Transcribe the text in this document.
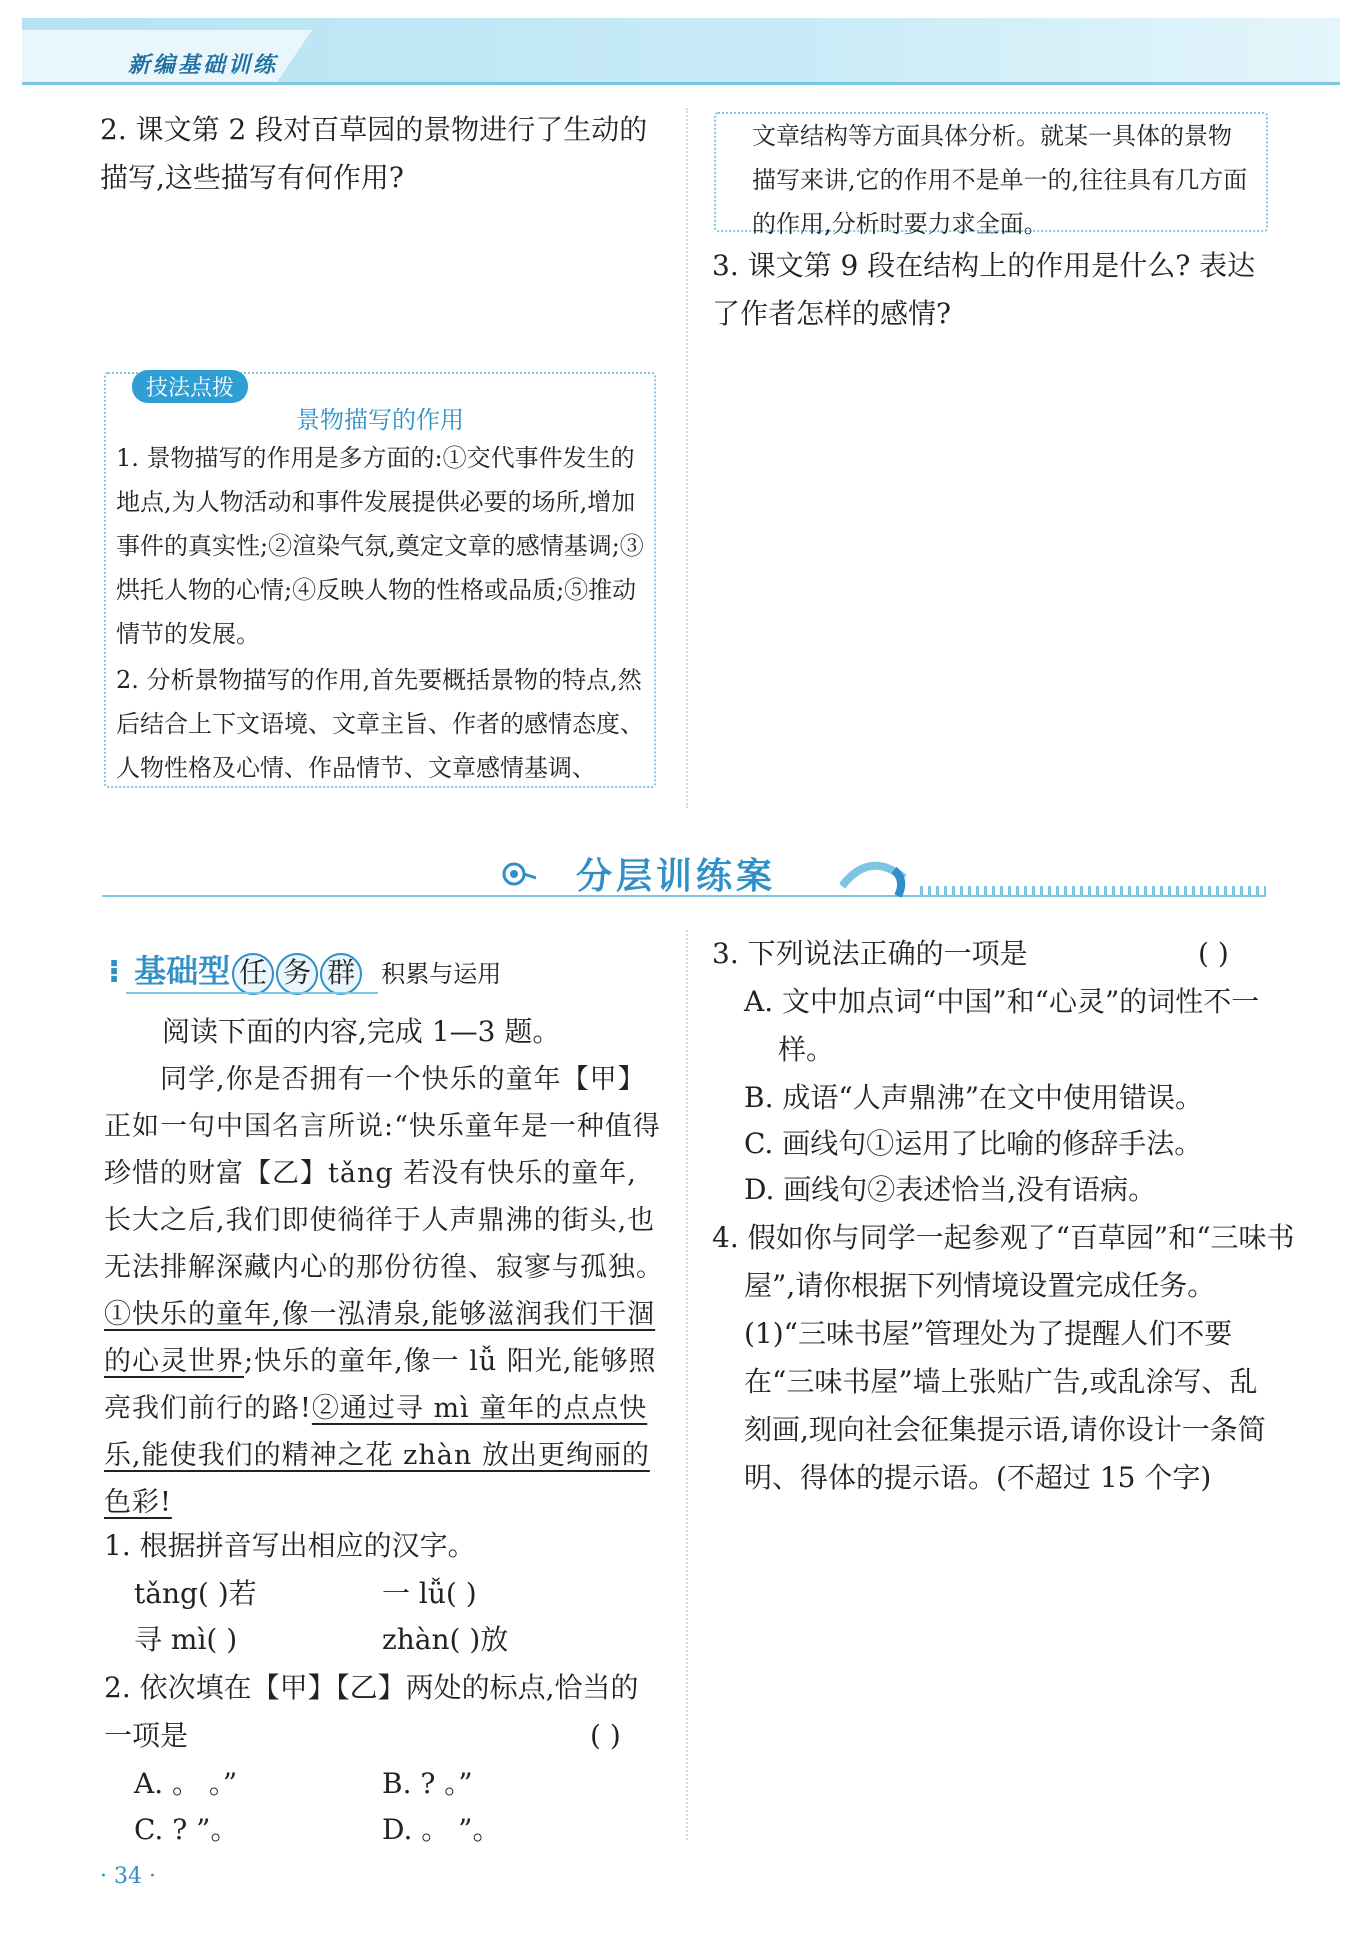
新编基础训练
2. 课文第 2 段对百草园的景物进行了生动的描写,这些描写有何作用?
技法点拨
景物描写的作用
1. 景物描写的作用是多方面的:①交代事件发生的地点,为人物活动和事件发展提供必要的场所,增加事件的真实性;②渲染气氛,奠定文章的感情基调;③烘托人物的心情;④反映人物的性格或品质;⑤推动情节的发展。
2. 分析景物描写的作用,首先要概括景物的特点,然后结合上下文语境、文章主旨、作者的感情态度、人物性格及心情、作品情节、文章感情基调、
文章结构等方面具体分析。就某一具体的景物描写来讲,它的作用不是单一的,往往具有几方面的作用,分析时要力求全面。
3. 课文第 9 段在结构上的作用是什么? 表达了作者怎样的感情?
分层训练案
⁝ 基础型 任 务 群 积累与运用
阅读下面的内容,完成 1—3 题。
同学,你是否拥有一个快乐的童年【甲】正如一句中国名言所说:“快乐童年是一种值得珍惜的财富【乙】tǎng 若没有快乐的童年,长大之后,我们即使徜徉于人声鼎沸的街头,也无法排解深藏内心的那份彷徨、寂寥与孤独。①快乐的童年,像一泓清泉,能够滋润我们干涸的心灵世界;快乐的童年,像一 lǚ 阳光,能够照亮我们前行的路!②通过寻 mì 童年的点点快乐,能使我们的精神之花 zhàn 放出更绚丽的色彩!
1. 根据拼音写出相应的汉字。
tǎng( )若	一 lǚ( )
寻 mì( )	zhàn( )放
2. 依次填在【甲】【乙】两处的标点,恰当的一项是	( )
A. 。 。”	B. ? 。”
C. ? ”。	D. 。 ”。
3. 下列说法正确的一项是	( )
A. 文中加点词“中国”和“心灵”的词性不一样。
B. 成语“人声鼎沸”在文中使用错误。
C. 画线句①运用了比喻的修辞手法。
D. 画线句②表述恰当,没有语病。
4. 假如你与同学一起参观了“百草园”和“三味书屋”,请你根据下列情境设置完成任务。
(1)“三味书屋”管理处为了提醒人们不要在“三味书屋”墙上张贴广告,或乱涂写、乱刻画,现向社会征集提示语,请你设计一条简明、得体的提示语。(不超过 15 个字)
· 34 ·
